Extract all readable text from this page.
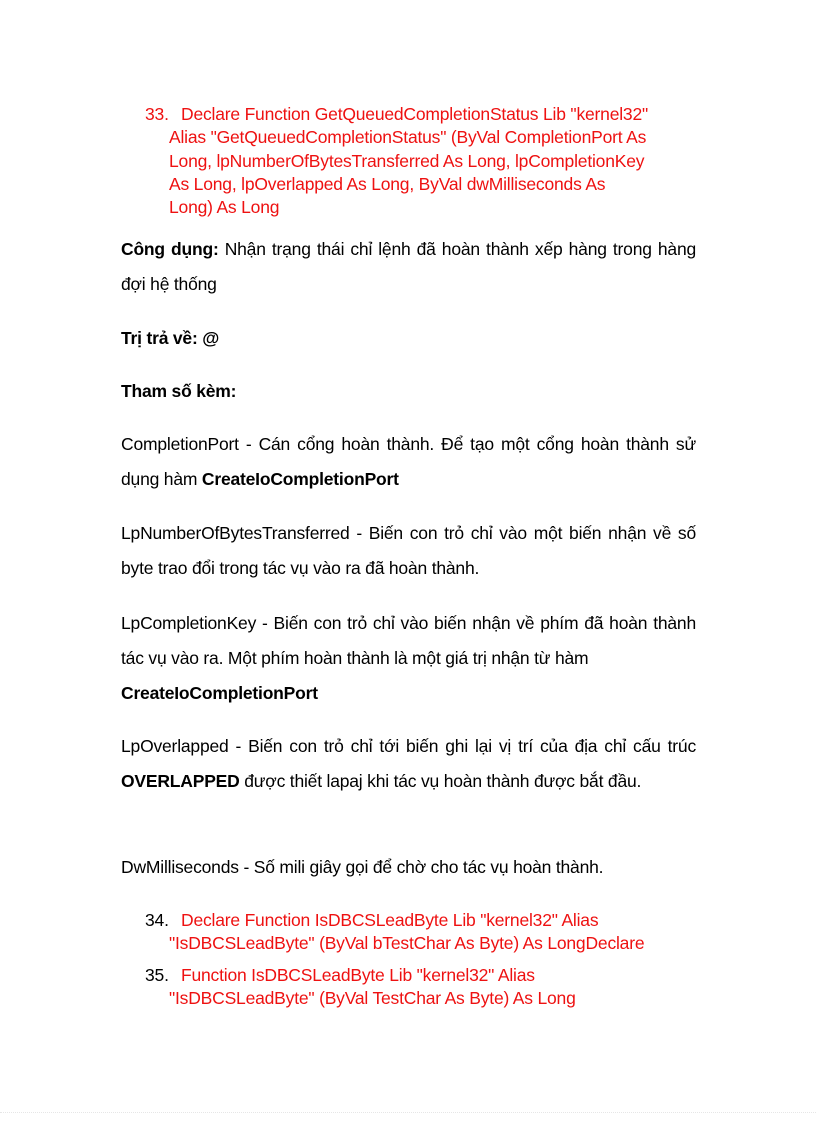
33. Declare Function GetQueuedCompletionStatus Lib "kernel32"
Alias "GetQueuedCompletionStatus" (ByVal CompletionPort As
Long, lpNumberOfBytesTransferred As Long, lpCompletionKey
As Long, lpOverlapped As Long, ByVal dwMilliseconds As
Long) As Long
Công dụng: Nhận trạng thái chỉ lệnh đã hoàn thành xếp hàng trong hàng đợi hệ thống
Trị trả về: @
Tham số kèm:
CompletionPort - Cán cổng hoàn thành. Để tạo một cổng hoàn thành sử dụng hàm CreateIoCompletionPort
LpNumberOfBytesTransferred - Biến con trỏ chỉ vào một biến nhận về số byte trao đổi trong tác vụ vào ra đã hoàn thành.
LpCompletionKey - Biến con trỏ chỉ vào biến nhận về phím đã hoàn thành tác vụ vào ra. Một phím hoàn thành là một giá trị nhận từ hàm
CreateIoCompletionPort
LpOverlapped - Biến con trỏ chỉ tới biến ghi lại vị trí của địa chỉ cấu trúc OVERLAPPED được thiết lapaj khi tác vụ hoàn thành được bắt đầu.
DwMilliseconds - Số mili giây gọi để chờ cho tác vụ hoàn thành.
34. Declare Function IsDBCSLeadByte Lib "kernel32" Alias
"IsDBCSLeadByte" (ByVal bTestChar As Byte) As LongDeclare
35. Function IsDBCSLeadByte Lib "kernel32" Alias
"IsDBCSLeadByte" (ByVal TestChar As Byte) As Long
